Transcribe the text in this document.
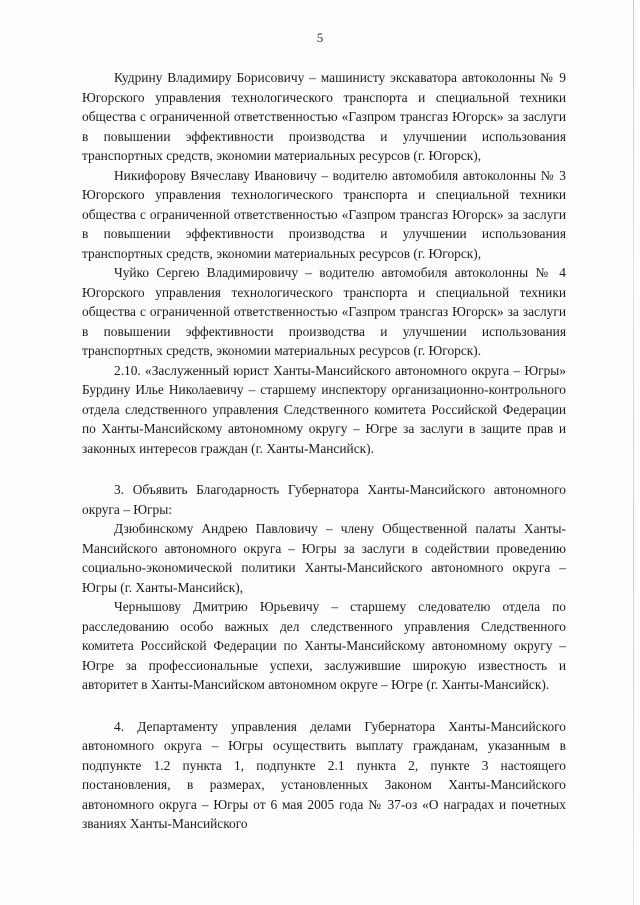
5

Кудрину Владимиру Борисовичу – машинисту экскаватора автоколонны № 9 Югорского управления технологического транспорта и специальной техники общества с ограниченной ответственностью «Газпром трансгаз Югорск» за заслуги в повышении эффективности производства и улучшении использования транспортных средств, экономии материальных ресурсов (г. Югорск),

Никифорову Вячеславу Ивановичу – водителю автомобиля автоколонны № 3 Югорского управления технологического транспорта и специальной техники общества с ограниченной ответственностью «Газпром трансгаз Югорск» за заслуги в повышении эффективности производства и улучшении использования транспортных средств, экономии материальных ресурсов (г. Югорск),

Чуйко Сергею Владимировичу – водителю автомобиля автоколонны № 4 Югорского управления технологического транспорта и специальной техники общества с ограниченной ответственностью «Газпром трансгаз Югорск» за заслуги в повышении эффективности производства и улучшении использования транспортных средств, экономии материальных ресурсов (г. Югорск).

2.10. «Заслуженный юрист Ханты-Мансийского автономного округа – Югры» Бурдину Илье Николаевичу – старшему инспектору организационно-контрольного отдела следственного управления Следственного комитета Российской Федерации по Ханты-Мансийскому автономному округу – Югре за заслуги в защите прав и законных интересов граждан (г. Ханты-Мансийск).

3. Объявить Благодарность Губернатора Ханты-Мансийского автономного округа – Югры:

Дзюбинскому Андрею Павловичу – члену Общественной палаты Ханты-Мансийского автономного округа – Югры за заслуги в содействии проведению социально-экономической политики Ханты-Мансийского автономного округа – Югры (г. Ханты-Мансийск),

Чернышову Дмитрию Юрьевичу – старшему следователю отдела по расследованию особо важных дел следственного управления Следственного комитета Российской Федерации по Ханты-Мансийскому автономному округу – Югре за профессиональные успехи, заслужившие широкую известность и авторитет в Ханты-Мансийском автономном округе – Югре (г. Ханты-Мансийск).

4. Департаменту управления делами Губернатора Ханты-Мансийского автономного округа – Югры осуществить выплату гражданам, указанным в подпункте 1.2 пункта 1, подпункте 2.1 пункта 2, пункте 3 настоящего постановления, в размерах, установленных Законом Ханты-Мансийского автономного округа – Югры от 6 мая 2005 года № 37-оз «О наградах и почетных званиях Ханты-Мансийского
